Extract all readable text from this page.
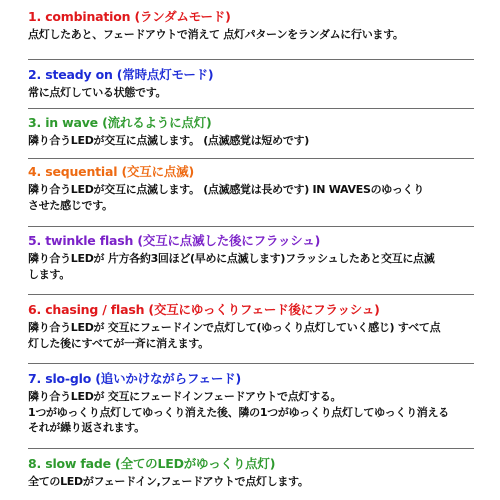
1. combination (ランダムモード)
点灯したあと、フェードアウトで消えて 点灯パターンをランダムに行います。
2. steady on (常時点灯モード)
常に点灯している状態です。
3. in wave (流れるように点灯)
隣り合うLEDが交互に点滅します。 (点滅感覚は短めです)
4. sequential (交互に点滅)
隣り合うLEDが交互に点滅します。 (点滅感覚は長めです) IN WAVESのゆっくり
させた感じです。
5. twinkle flash (交互に点滅した後にフラッシュ)
隣り合うLEDが 片方各約3回ほど(早めに点滅します)フラッシュしたあと交互に点滅
します。
6. chasing / flash (交互にゆっくりフェード後にフラッシュ)
隣り合うLEDが 交互にフェードインで点灯して(ゆっくり点灯していく感じ) すべて点
灯した後にすべてが一斉に消えます。
7. slo-glo (追いかけながらフェード)
隣り合うLEDが 交互にフェードインフェードアウトで点灯する。
1つがゆっくり点灯してゆっくり消えた後、隣の1つがゆっくり点灯してゆっくり消える
それが繰り返されます。
8. slow fade (全てのLEDがゆっくり点灯)
全てのLEDがフェードイン,フェードアウトで点灯します。
